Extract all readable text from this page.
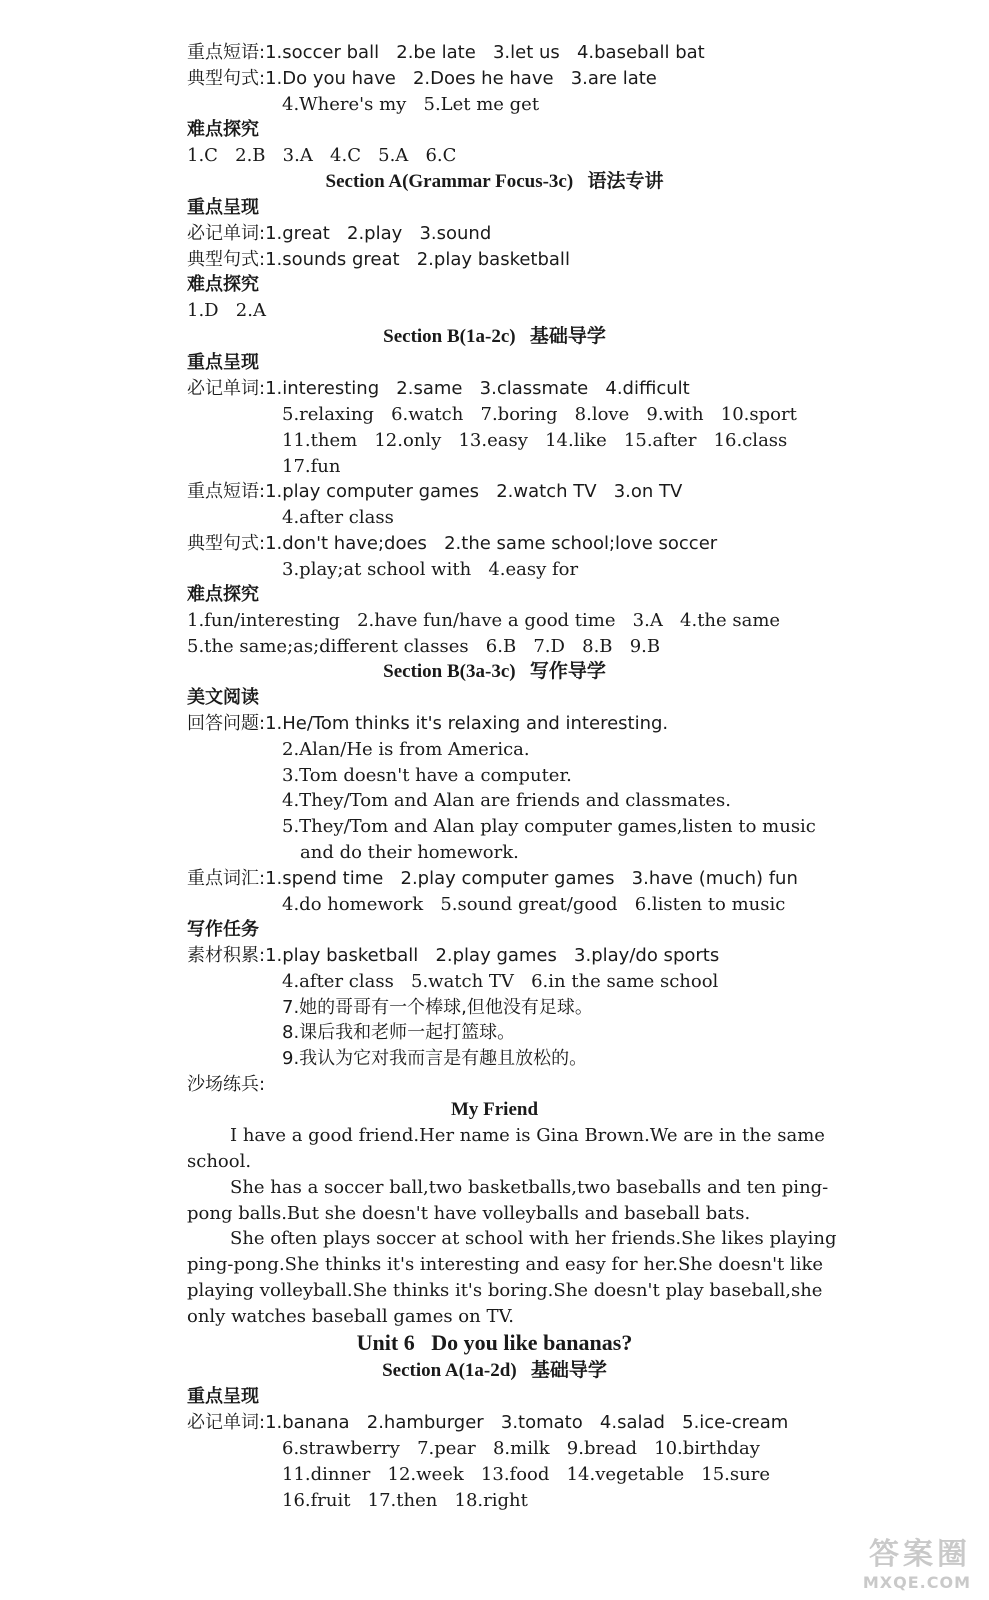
重点短语:1.soccer ball   2.be late   3.let us   4.baseball bat
典型句式:1.Do you have   2.Does he have   3.are late
4.Where's my   5.Let me get
难点探究
1.C   2.B   3.A   4.C   5.A   6.C
Section A(Grammar Focus-3c)   语法专讲
重点呈现
必记单词:1.great   2.play   3.sound
典型句式:1.sounds great   2.play basketball
难点探究
1.D   2.A
Section B(1a-2c)   基础导学
重点呈现
必记单词:1.interesting   2.same   3.classmate   4.difficult
5.relaxing   6.watch   7.boring   8.love   9.with   10.sport
11.them   12.only   13.easy   14.like   15.after   16.class
17.fun
重点短语:1.play computer games   2.watch TV   3.on TV
4.after class
典型句式:1.don't have;does   2.the same school;love soccer
3.play;at school with   4.easy for
难点探究
1.fun/interesting   2.have fun/have a good time   3.A   4.the same
5.the same;as;different classes   6.B   7.D   8.B   9.B
Section B(3a-3c)   写作导学
美文阅读
回答问题:1.He/Tom thinks it's relaxing and interesting.
2.Alan/He is from America.
3.Tom doesn't have a computer.
4.They/Tom and Alan are friends and classmates.
5.They/Tom and Alan play computer games,listen to music
and do their homework.
重点词汇:1.spend time   2.play computer games   3.have (much) fun
4.do homework   5.sound great/good   6.listen to music
写作任务
素材积累:1.play basketball   2.play games   3.play/do sports
4.after class   5.watch TV   6.in the same school
7.她的哥哥有一个棒球,但他没有足球。
8.课后我和老师一起打篮球。
9.我认为它对我而言是有趣且放松的。
沙场练兵:
My Friend
I have a good friend.Her name is Gina Brown.We are in the same
school.
She has a soccer ball,two basketballs,two baseballs and ten ping-
pong balls.But she doesn't have volleyballs and baseball bats.
She often plays soccer at school with her friends.She likes playing
ping-pong.She thinks it's interesting and easy for her.She doesn't like
playing volleyball.She thinks it's boring.She doesn't play baseball,she
only watches baseball games on TV.
Unit 6   Do you like bananas?
Section A(1a-2d)   基础导学
重点呈现
必记单词:1.banana   2.hamburger   3.tomato   4.salad   5.ice-cream
6.strawberry   7.pear   8.milk   9.bread   10.birthday
11.dinner   12.week   13.food   14.vegetable   15.sure
16.fruit   17.then   18.right
答案圈
MXQE.COM
